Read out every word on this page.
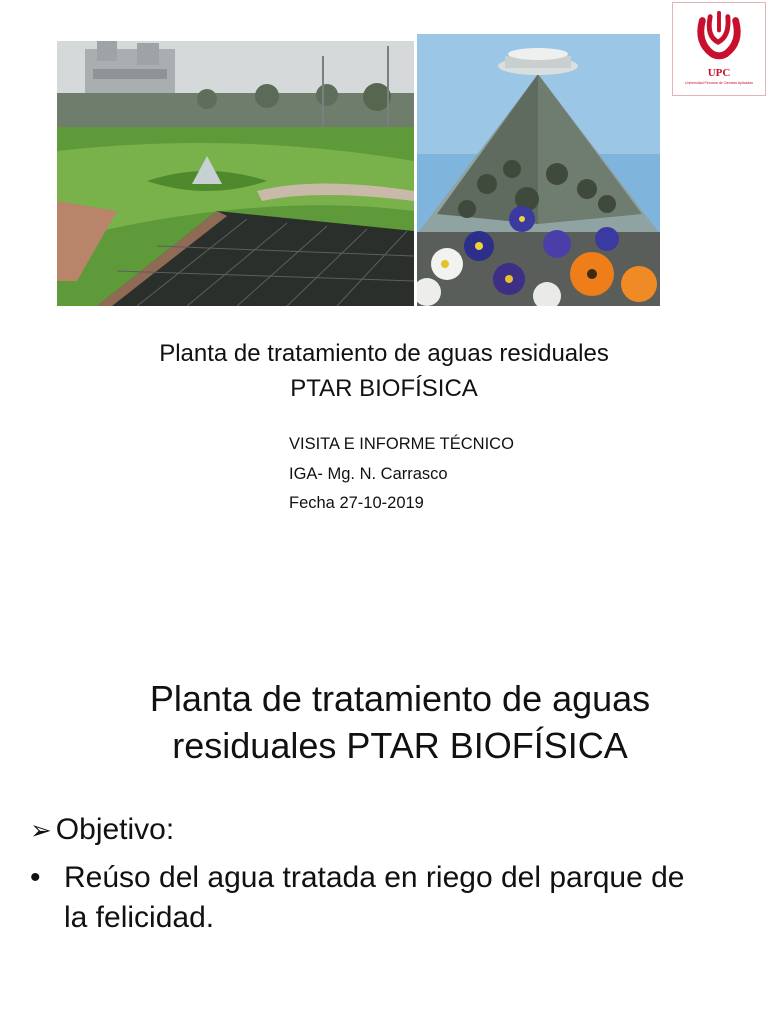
UPC
Universidad Peruana de Ciencias Aplicadas
Planta de tratamiento de aguas residuales
PTAR BIOFÍSICA
VISITA E INFORME TÉCNICO
IGA- Mg. N. Carrasco
Fecha 27-10-2019
Planta de tratamiento de aguas
residuales PTAR BIOFÍSICA
➢ Objetivo:
• Reúso del agua tratada en riego del parque de
la felicidad.
